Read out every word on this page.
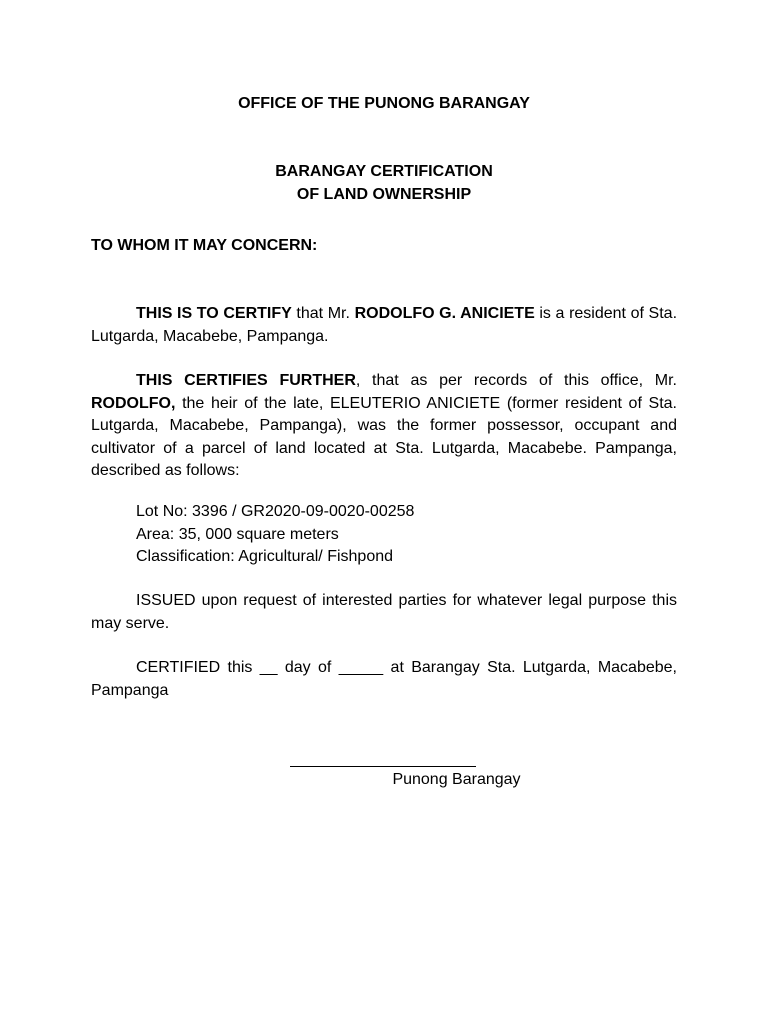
OFFICE OF THE PUNONG BARANGAY
BARANGAY CERTIFICATION
OF LAND OWNERSHIP
TO WHOM IT MAY CONCERN:

THIS IS TO CERTIFY that Mr. RODOLFO G. ANICIETE is a resident of Sta. Lutgarda, Macabebe, Pampanga.

THIS CERTIFIES FURTHER, that as per records of this office, Mr. RODOLFO, the heir of the late, ELEUTERIO ANICIETE (former resident of Sta. Lutgarda, Macabebe, Pampanga), was the former possessor, occupant and cultivator of a parcel of land located at Sta. Lutgarda, Macabebe. Pampanga, described as follows:

Lot No: 3396 / GR2020-09-0020-00258
Area: 35, 000 square meters
Classification: Agricultural/ Fishpond

ISSUED upon request of interested parties for whatever legal purpose this may serve.

CERTIFIED this __ day of _____ at Barangay Sta. Lutgarda, Macabebe, Pampanga

Punong Barangay
